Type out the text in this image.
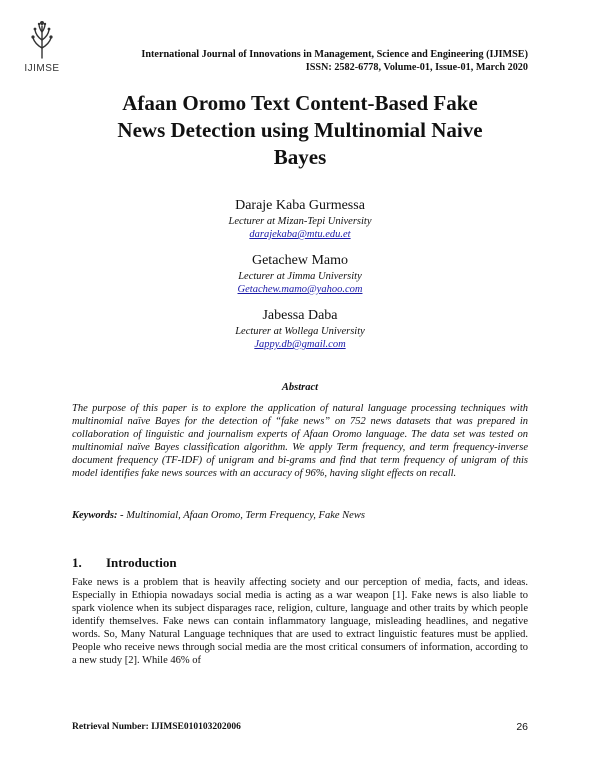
IJIMSE
International Journal of Innovations in Management, Science and Engineering (IJIMSE)
ISSN: 2582-6778, Volume-01, Issue-01, March 2020
Afaan Oromo Text Content-Based Fake
News Detection using Multinomial Naive
Bayes
Daraje Kaba Gurmessa
Lecturer at Mizan-Tepi University
darajekaba@mtu.edu.et
Getachew Mamo
Lecturer at Jimma University
Getachew.mamo@yahoo.com
Jabessa Daba
Lecturer at Wollega University
Jappy.db@gmail.com
Abstract

The purpose of this paper is to explore the application of natural language processing techniques with multinomial naïve Bayes for the detection of “fake news” on 752 news datasets that was prepared in collaboration of linguistic and journalism experts of Afaan Oromo language. The data set was tested on multinomial naïve Bayes classification algorithm. We apply Term frequency, and term frequency-inverse document frequency (TF-IDF) of unigram and bi-grams and find that term frequency of unigram of this model identifies fake news sources with an accuracy of 96%, having slight effects on recall.

Keywords: - Multinomial, Afaan Oromo, Term Frequency, Fake News
1. Introduction

Fake news is a problem that is heavily affecting society and our perception of media, facts, and ideas. Especially in Ethiopia nowadays social media is acting as a war weapon [1]. Fake news is also liable to spark violence when its subject disparages race, religion, culture, language and other traits by which people identify themselves. Fake news can contain inflammatory language, misleading headlines, and negative words. So, Many Natural Language techniques that are used to extract linguistic features must be applied. People who receive news through social media are the most critical consumers of information, according to a new study [2]. While 46% of

Retrieval Number: IJIMSE010103202006	26
